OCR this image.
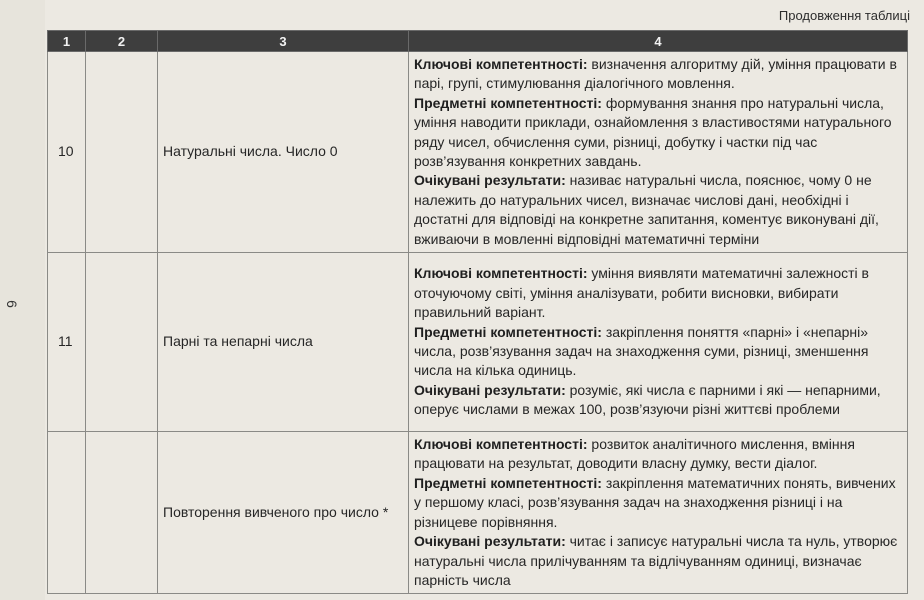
Продовження таблиці
6
1	2	3	4
10		Натуральні числа. Число 0	Ключові компетентності: визначення алгоритму дій, уміння працювати в парі, групі, стимулювання діалогічного мовлення.
Предметні компетентності: формування знання про натуральні числа, уміння наводити приклади, ознайомлення з властивостями натурального ряду чисел, обчислення суми, різниці, добутку і частки під час розв’язування конкретних завдань.
Очікувані результати: називає натуральні числа, пояснює, чому 0 не належить до натуральних чисел, визначає числові дані, необхідні і достатні для відповіді на конкретне запитання, коментує виконувані дії, вживаючи в мовленні відповідні математичні терміни

11		Парні та непарні числа	Ключові компетентності: уміння виявляти математичні залежності в оточуючому світі, уміння аналізувати, робити висновки, вибирати правильний варіант.
Предметні компетентності: закріплення поняття «парні» і «непарні» числа, розв’язування задач на знаходження суми, різниці, зменшення числа на кілька одиниць.
Очікувані результати: розуміє, які числа є парними і які — непарними, оперує числами в межах 100, розв’язуючи різні життєві проблеми

		Повторення вивченого про число *	Ключові компетентності: розвиток аналітичного мислення, вміння працювати на результат, доводити власну думку, вести діалог.
Предметні компетентності: закріплення математичних понять, вивчених у першому класі, розв’язування задач на знаходження різниці і на різницеве порівняння.
Очікувані результати: читає і записує натуральні числа та нуль, утворює натуральні числа прилічуванням та відлічуванням одиниці, визначає парність числа
